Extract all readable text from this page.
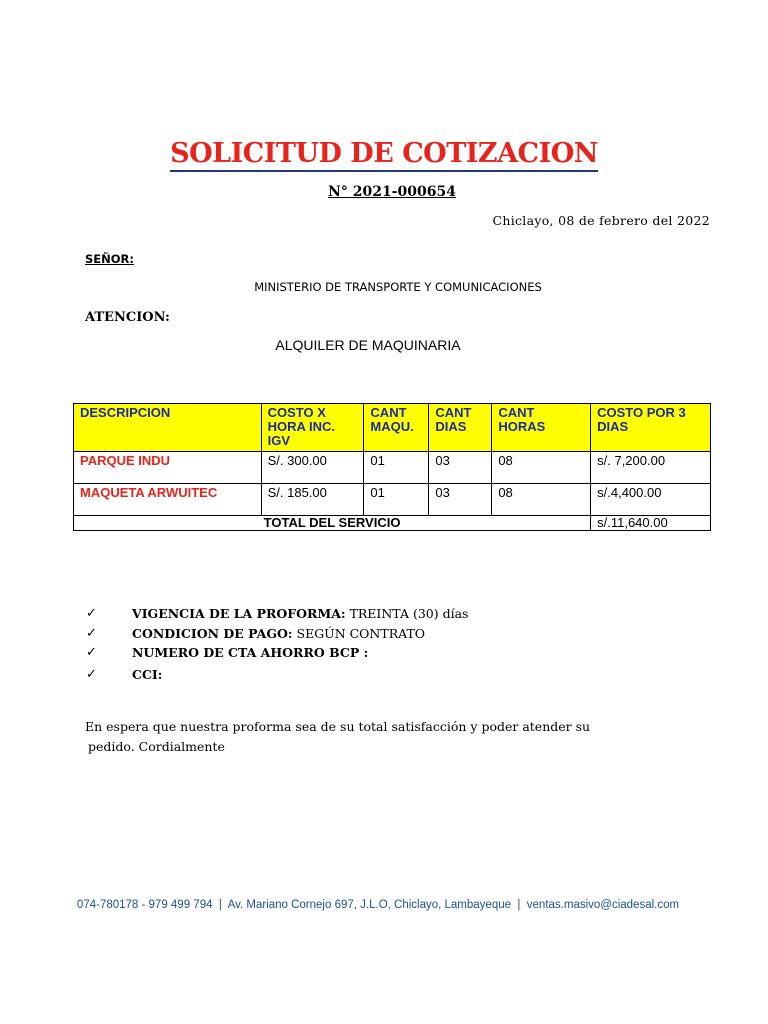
SOLICITUD DE COTIZACION
N° 2021-000654
Chiclayo, 08 de febrero del 2022
SEÑOR:
MINISTERIO DE TRANSPORTE Y COMUNICACIONES
ATENCION:
ALQUILER DE MAQUINARIA
DESCRIPCION	COSTO X HORA INC. IGV	CANT MAQU.	CANT  DIAS	CANT HORAS	COSTO POR 3 DIAS
PARQUE INDU	S/. 300.00	01	03	08	s/. 7,200.00
MAQUETA ARWUITEC	S/. 185.00	01	03	08	s/.4,400.00
TOTAL DEL SERVICIO					s/.11,640.00
✓	VIGENCIA DE LA PROFORMA: TREINTA (30) días
✓	CONDICION DE PAGO: SEGÚN CONTRATO
✓	NUMERO DE CTA AHORRO BCP :
✓	CCI:
En espera que nuestra proforma sea de su total satisfacción y poder atender su
pedido. Cordialmente
074-780178 - 979 499 794  |  Av. Mariano Cornejo 697, J.L.O, Chiclayo, Lambayeque  |  ventas.masivo@ciadesal.com
